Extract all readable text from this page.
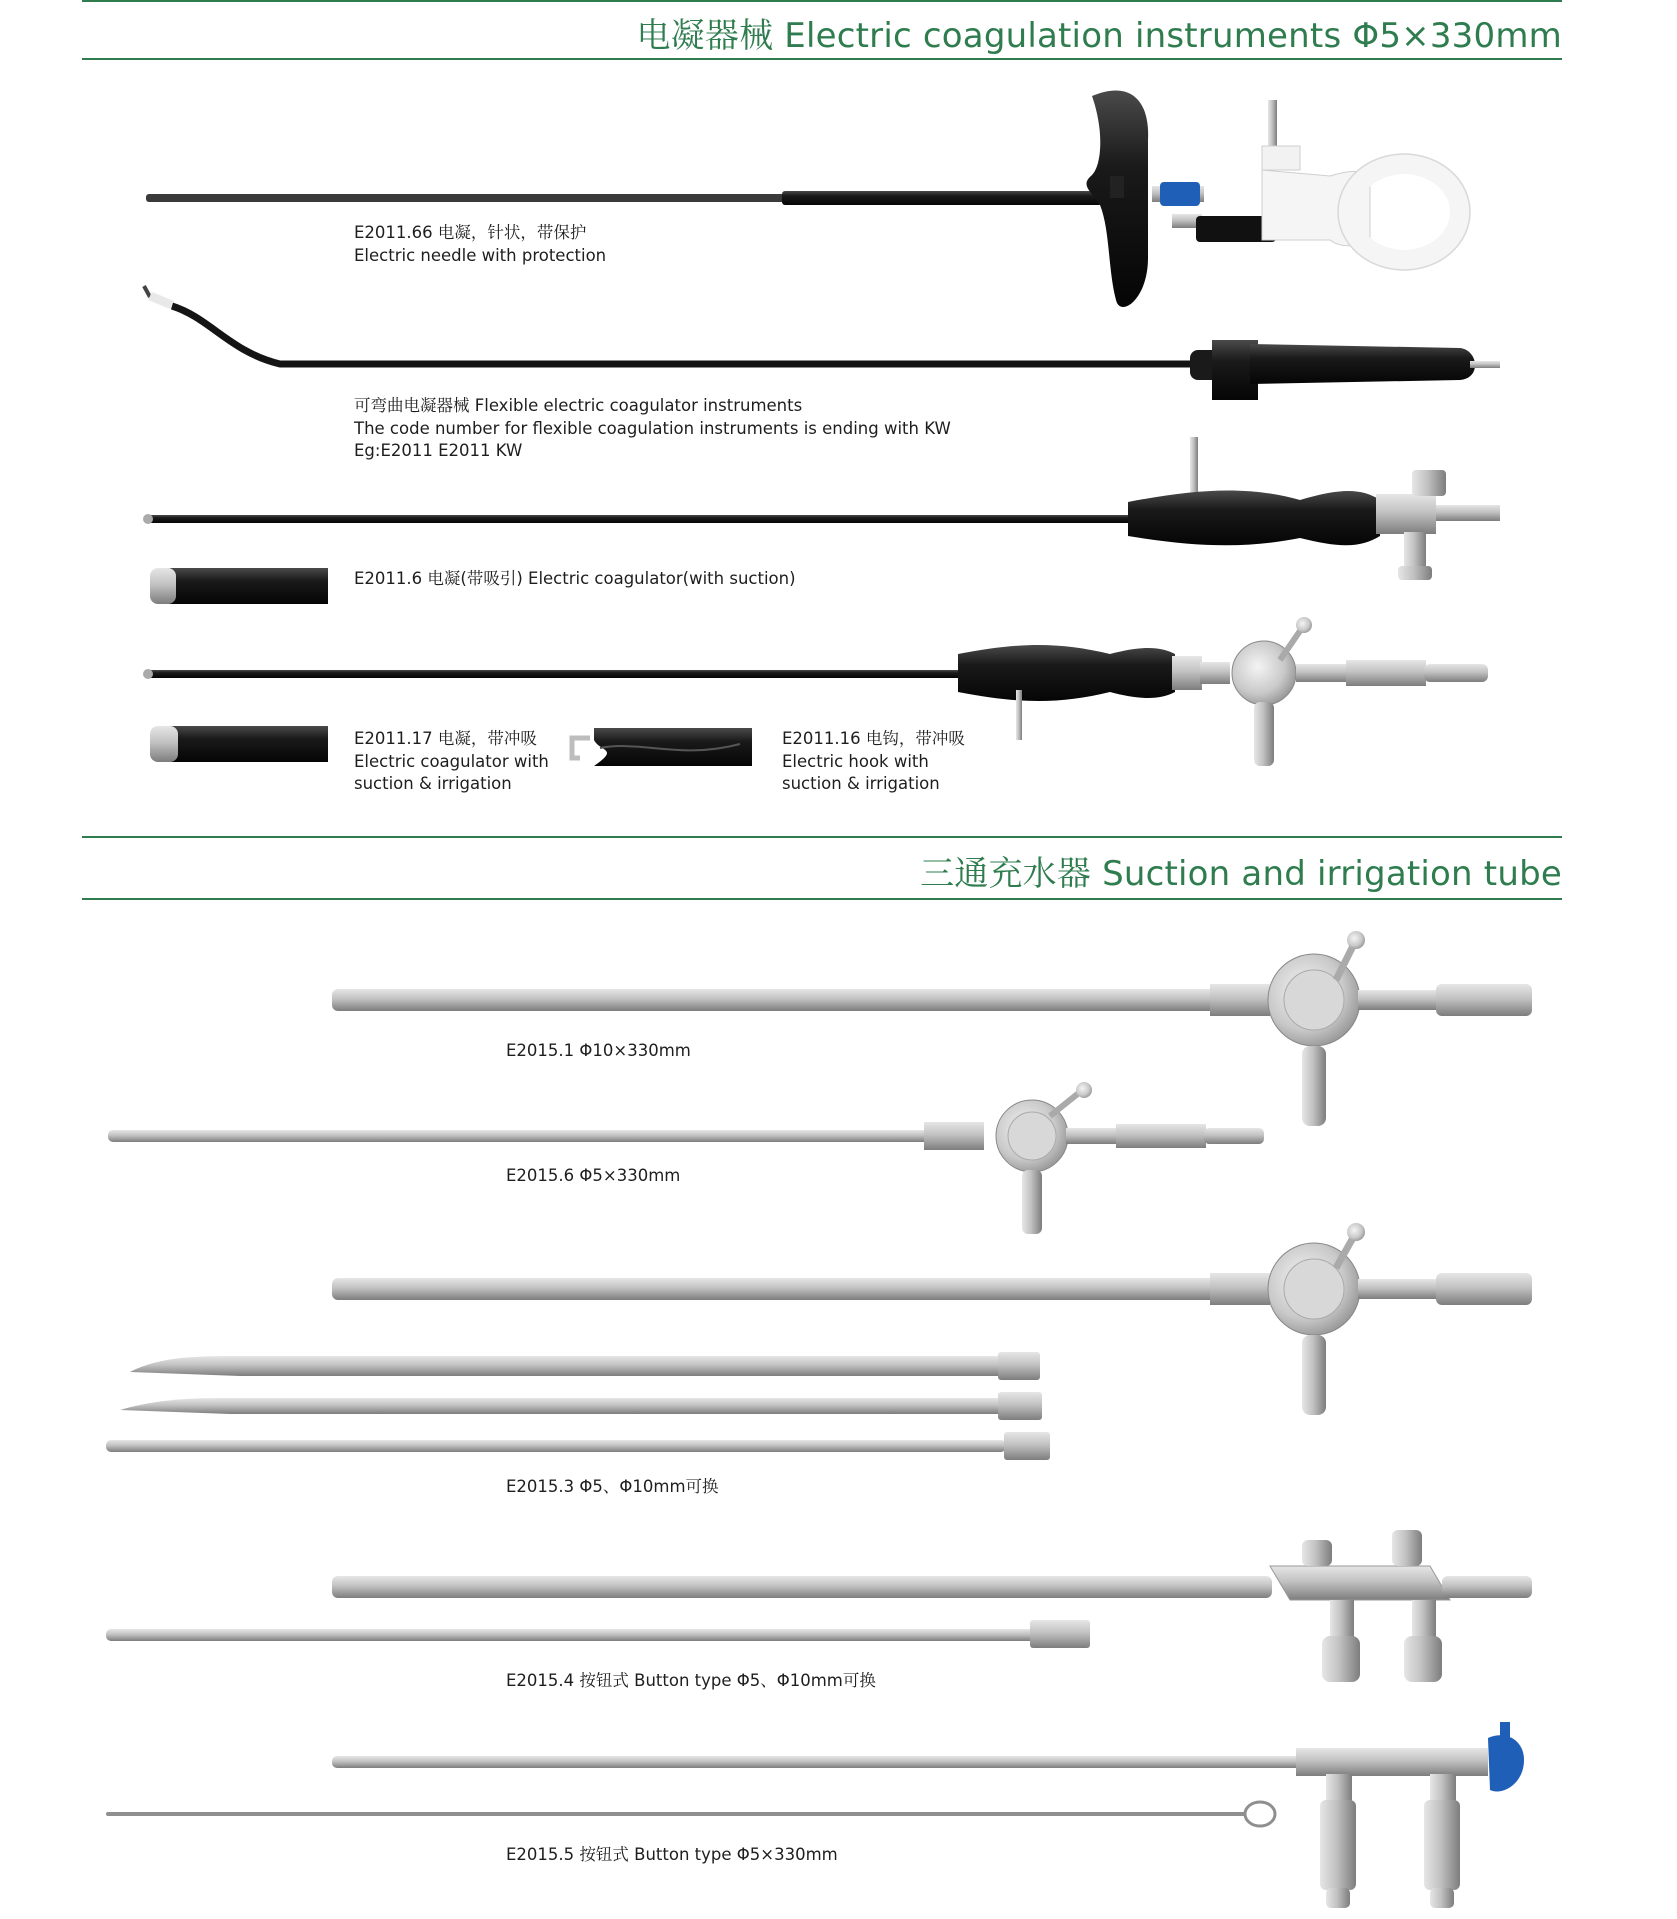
电凝器械 Electric coagulation instruments Φ5×330mm
三通充水器 Suction and irrigation tube
E2011.66 电凝，针状，带保护
Electric needle with protection
可弯曲电凝器械 Flexible electric coagulator instruments
The code number for flexible coagulation instruments is ending with KW
Eg:E2011 E2011 KW
E2011.6 电凝(带吸引) Electric coagulator(with suction)
E2011.17 电凝，带冲吸
Electric coagulator with
suction & irrigation
E2011.16 电钩，带冲吸
Electric hook with
suction & irrigation
E2015.1 Φ10×330mm
E2015.6 Φ5×330mm
E2015.3 Φ5、Φ10mm可换
E2015.4 按钮式 Button type Φ5、Φ10mm可换
E2015.5 按钮式 Button type Φ5×330mm
